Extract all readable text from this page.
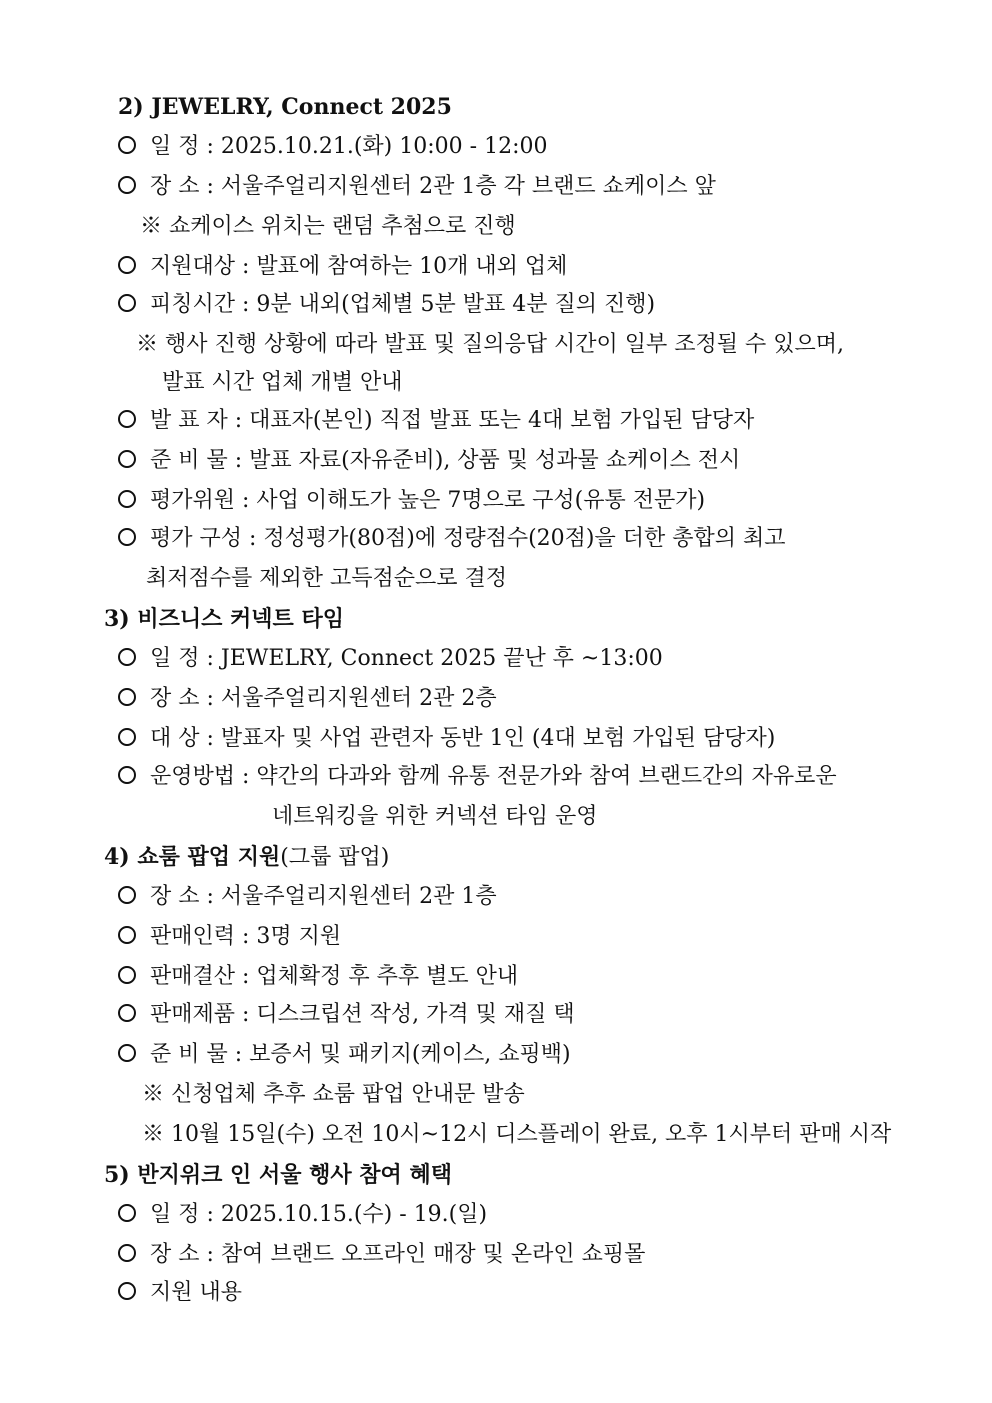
2) JEWELRY, Connect 2025
일 정 : 2025.10.21.(화) 10:00 - 12:00
장 소 : 서울주얼리지원센터 2관 1층 각 브랜드 쇼케이스 앞
※ 쇼케이스 위치는 랜덤 추첨으로 진행
지원대상 : 발표에 참여하는 10개 내외 업체
피칭시간 : 9분 내외(업체별 5분 발표 4분 질의 진행)
※ 행사 진행 상황에 따라 발표 및 질의응답 시간이 일부 조정될 수 있으며,
발표 시간 업체 개별 안내
발 표 자 : 대표자(본인) 직접 발표 또는 4대 보험 가입된 담당자
준 비 물 : 발표 자료(자유준비), 상품 및 성과물 쇼케이스 전시
평가위원 : 사업 이해도가 높은 7명으로 구성(유통 전문가)
평가 구성 : 정성평가(80점)에 정량점수(20점)을 더한 총합의 최고
최저점수를 제외한 고득점순으로 결정
3) 비즈니스 커넥트 타임
일 정 : JEWELRY, Connect 2025 끝난 후 ~13:00
장 소 : 서울주얼리지원센터 2관 2층
대 상 : 발표자 및 사업 관련자 동반 1인 (4대 보험 가입된 담당자)
운영방법 : 약간의 다과와 함께 유통 전문가와 참여 브랜드간의 자유로운
네트워킹을 위한 커넥션 타임 운영
4) 쇼룸 팝업 지원(그룹 팝업)
장 소 : 서울주얼리지원센터 2관 1층
판매인력 : 3명 지원
판매결산 : 업체확정 후 추후 별도 안내
판매제품 : 디스크립션 작성, 가격 및 재질 택
준 비 물 : 보증서 및 패키지(케이스, 쇼핑백)
※ 신청업체 추후 쇼룸 팝업 안내문 발송
※ 10월 15일(수) 오전 10시~12시 디스플레이 완료, 오후 1시부터 판매 시작
5) 반지위크 인 서울 행사 참여 혜택
일 정 : 2025.10.15.(수) - 19.(일)
장 소 : 참여 브랜드 오프라인 매장 및 온라인 쇼핑몰
지원 내용
